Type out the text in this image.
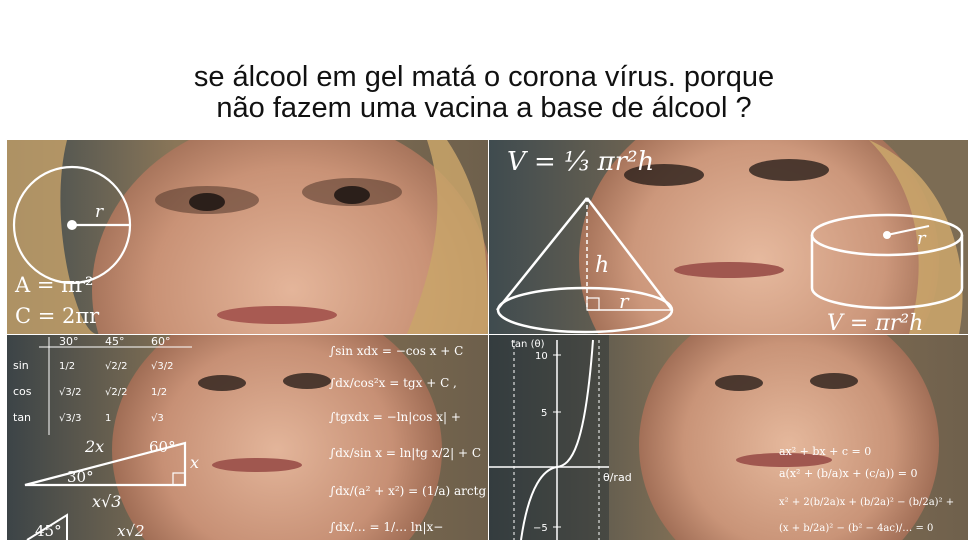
se álcool em gel matá o corona vírus. porque
não fazem uma vacina a base de álcool ?
r
A = πr²
C = 2πr
V = ⅓ πr²h
h
r
r
V = πr²h
30° 45° 60°
sin	1/2	√2/2 √3/2
cos	√3/2 √2/2 1/2
tan	√3/3 1	√3
2x	60°
x
30°
x√3
45°	x√2
∫sin xdx = −cos x + C
∫dx/cos²x = tgx + C ,
∫tgxdx = −ln|cos x| +
∫dx/sin x = ln|tg x/2| + C
∫dx/(a² + x²) = (1/a) arctg
∫dx/… = 1/… ln|x−
tan (θ)
10
5
−5
θ/rad
ax² + bx + c = 0
a(x² + (b/a)x + (c/a)) = 0
x² + 2(b/2a)x + (b/2a)² − (b/2a)² +
(x + b/2a)² − (b² − 4ac)/… = 0
